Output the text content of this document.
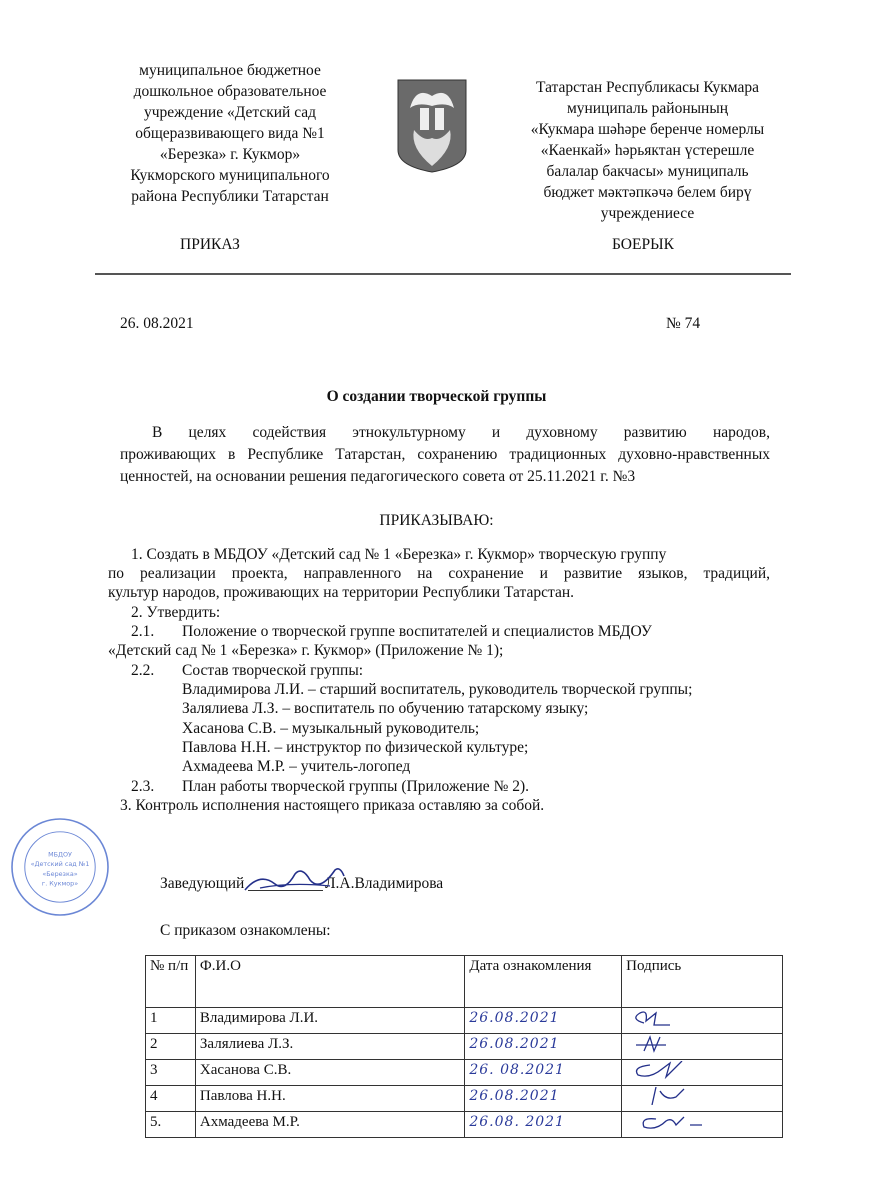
муниципальное бюджетное
дошкольное образовательное
учреждение «Детский сад
общеразвивающего вида №1
«Березка» г. Кукмор»
Кукморского муниципального
района Республики Татарстан
Татарстан Республикасы Кукмара
муниципаль районының
«Кукмара шәһәре беренче номерлы
«Каенкай» һәрьяктан үстерешле
балалар бакчасы» муниципаль
бюджет мәктәпкәчә белем бирү
учреждениесе
ПРИКАЗ	БОЕРЫК
26. 08.2021	№ 74
О создании творческой группы
В целях содействия этнокультурному и духовному развитию народов,
проживающих в Республике Татарстан, сохранению традиционных духовно-нравственных
ценностей, на основании решения педагогического совета от 25.11.2021 г. №3
ПРИКАЗЫВАЮ:
1. Создать в МБДОУ «Детский сад № 1 «Березка» г. Кукмор» творческую группу
по реализации проекта, направленного на сохранение и развитие языков, традиций,
культур народов, проживающих на территории Республики Татарстан.
2. Утвердить:
2.1. Положение о творческой группе воспитателей и специалистов МБДОУ
«Детский сад № 1 «Березка» г. Кукмор» (Приложение № 1);
2.2. Состав творческой группы:
Владимирова Л.И. – старший воспитатель, руководитель творческой группы;
Залялиева Л.З. – воспитатель по обучению татарскому языку;
Хасанова С.В. – музыкальный руководитель;
Павлова Н.Н. – инструктор по физической культуре;
Ахмадеева М.Р. – учитель-логопед
2.3. План работы творческой группы (Приложение № 2).
3. Контроль исполнения настоящего приказа оставляю за собой.
Заведующий	Л.А.Владимирова
МБДОУ
«Детский сад №1
«Березка»
г. Кукмор»
С приказом ознакомлены:
№ п/п	Ф.И.О	Дата ознакомления	Подпись
1	Владимирова Л.И.	26.08.2021	
2	Залялиева Л.З.	26.08.2021	
3	Хасанова С.В.	26. 08.2021	
4	Павлова Н.Н.	26.08.2021	
5.	Ахмадеева М.Р.	26.08. 2021	
